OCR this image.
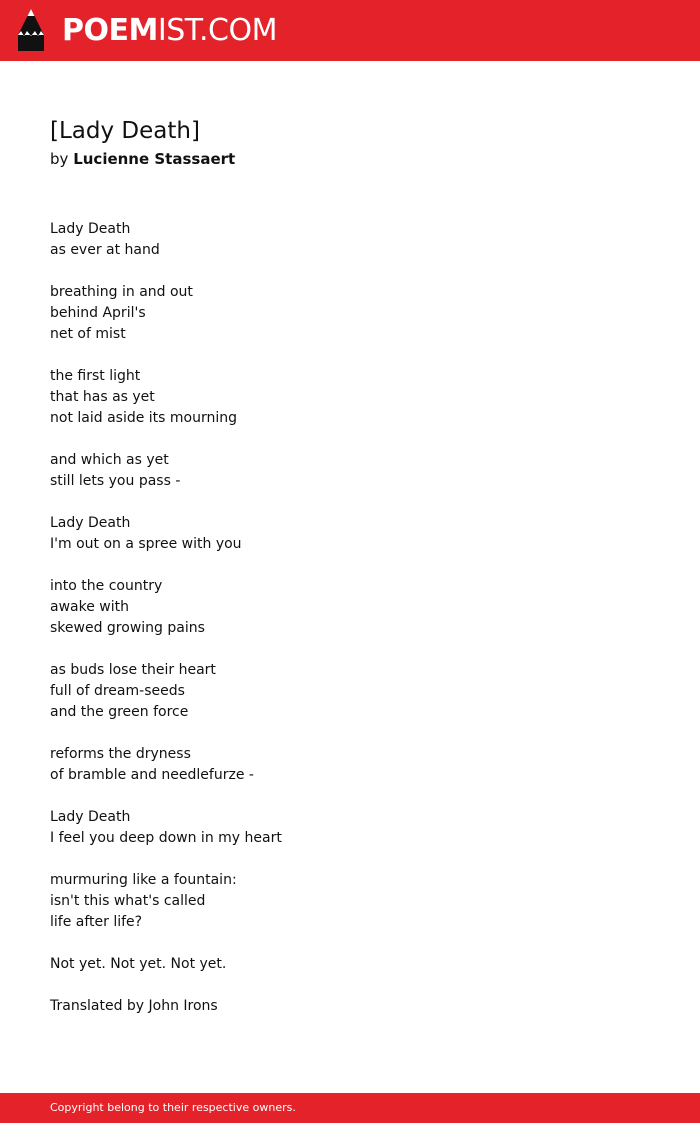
POEMIST.COM
[Lady Death]
by Lucienne Stassaert
Lady Death
as ever at hand
breathing in and out
behind April's
net of mist
the first light
that has as yet
not laid aside its mourning
and which as yet
still lets you pass -
Lady Death
I'm out on a spree with you
into the country
awake with
skewed growing pains
as buds lose their heart
full of dream-seeds
and the green force
reforms the dryness
of bramble and needlefurze -
Lady Death
I feel you deep down in my heart
murmuring like a fountain:
isn't this what's called
life after life?
Not yet. Not yet. Not yet.
Translated by John Irons
Copyright belong to their respective owners.
